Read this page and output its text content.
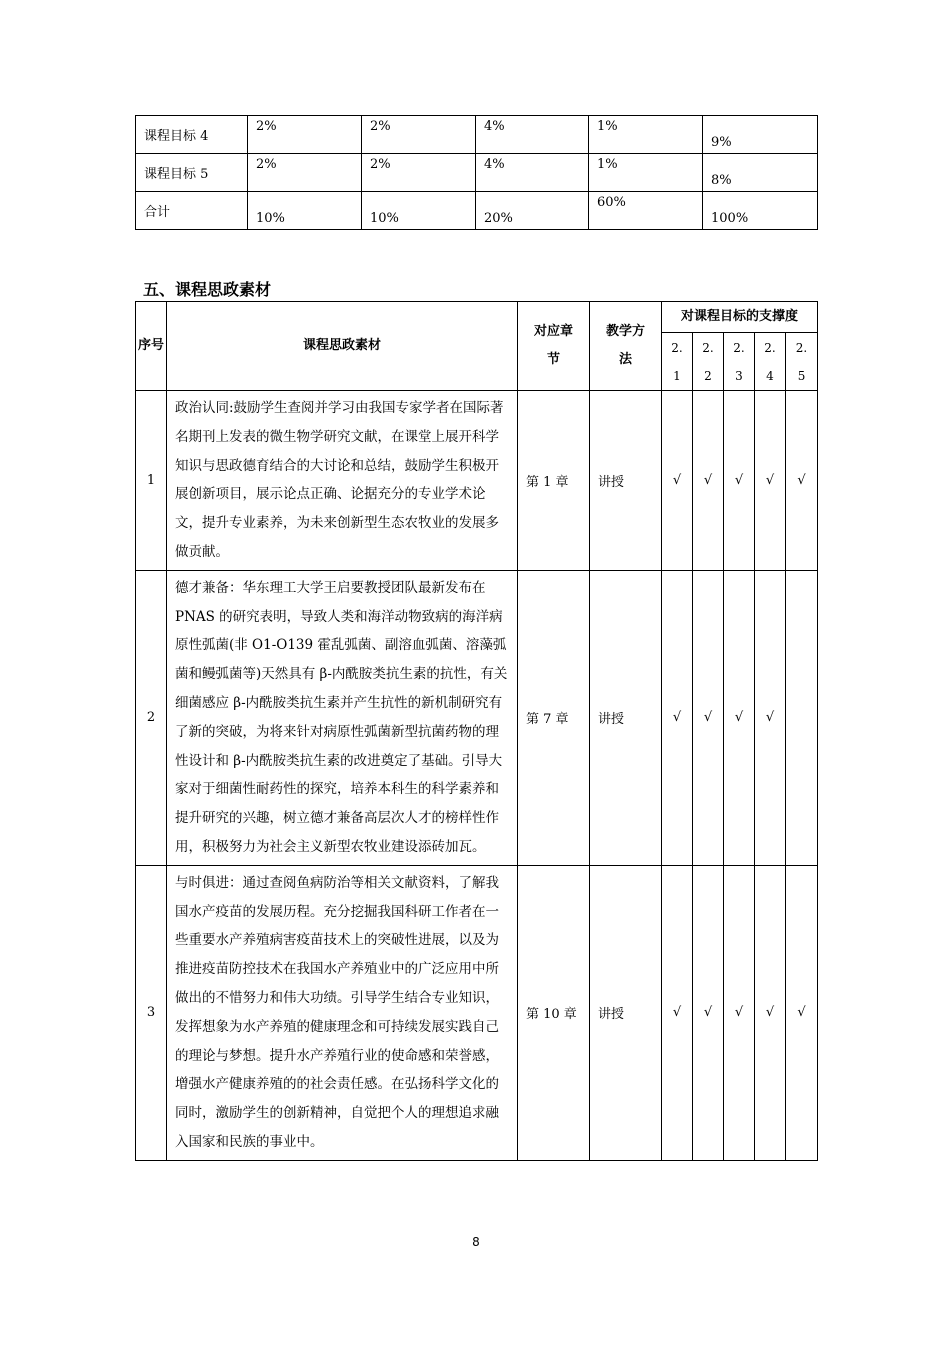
课程目标 4	2%	2%	4%	1%	9%
课程目标 5	2%	2%	4%	1%	8%
合计	10%	10%	20%	60%	100%
五、课程思政素材
序号	课程思政素材	对应章节	教学方法	对课程目标的支撑度				
				2.1	2.2	2.3	2.4	2.5
1	政治认同:鼓励学生查阅并学习由我国专家学者在国际著名期刊上发表的微生物学研究文献，在课堂上展开科学知识与思政德育结合的大讨论和总结，鼓励学生积极开展创新项目，展示论点正确、论据充分的专业学术论文，提升专业素养，为未来创新型生态农牧业的发展多做贡献。	第 1 章	讲授	√	√	√	√	√
2	德才兼备：华东理工大学王启要教授团队最新发布在 PNAS 的研究表明，导致人类和海洋动物致病的海洋病原性弧菌(非 O1-O139 霍乱弧菌、副溶血弧菌、溶藻弧菌和鳗弧菌等)天然具有 β-内酰胺类抗生素的抗性，有关细菌感应 β-内酰胺类抗生素并产生抗性的新机制研究有了新的突破，为将来针对病原性弧菌新型抗菌药物的理性设计和 β-内酰胺类抗生素的改进奠定了基础。引导大家对于细菌性耐药性的探究，培养本科生的科学素养和提升研究的兴趣，树立德才兼备高层次人才的榜样性作用，积极努力为社会主义新型农牧业建设添砖加瓦。	第 7 章	讲授	√	√	√	√	
3	与时俱进：通过查阅鱼病防治等相关文献资料，了解我国水产疫苗的发展历程。充分挖掘我国科研工作者在一些重要水产养殖病害疫苗技术上的突破性进展，以及为推进疫苗防控技术在我国水产养殖业中的广泛应用中所做出的不惜努力和伟大功绩。引导学生结合专业知识，发挥想象为水产养殖的健康理念和可持续发展实践自己的理论与梦想。提升水产养殖行业的使命感和荣誉感，增强水产健康养殖的的社会责任感。在弘扬科学文化的同时，激励学生的创新精神，自觉把个人的理想追求融入国家和民族的事业中。	第 10 章	讲授	√	√	√	√	√
8
